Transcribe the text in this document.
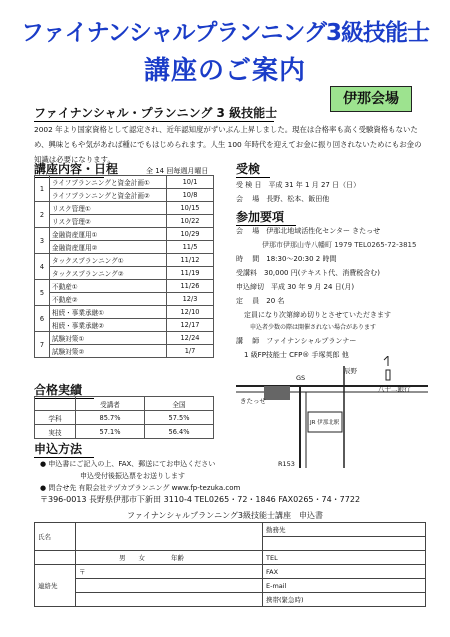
ファイナンシャルプランニング3級技能士
講座のご案内
伊那会場
ファイナンシャル・プランニング 3 級技能士
2002 年より国家資格として認定され、近年認知度がずいぶん上昇しました。現在は合格率も高く受験資格もないため、興味ともや気があれば種にでもはじめられます。人生 100 年時代を迎えてお金に振り回されないためにもお金の知識は必要になります。
講座内容・日程	全 14 回毎週月曜日
1	ライフプランニングと資金計画①	10/1
	ライフプランニングと資金計画②	10/8
2	リスク管理①	10/15
	リスク管理②	10/22
3	金融資産運用①	10/29
	金融資産運用②	11/5
4	タックスプランニング①	11/12
	タックスプランニング②	11/19
5	不動産①	11/26
	不動産②	12/3
6	相続・事業承継①	12/10
	相続・事業承継②	12/17
7	試験対策①	12/24
	試験対策②	1/7
合格実績
	受講者	全国
学科	85.7%	57.5%
実技	57.1%	56.4%
受検
受 検 日　 平成 31 年 1 月 27 日（日）
会　 場　 長野、松本、飯田他
参加要項
会　 場　 伊那北地域活性化センター きたっせ
伊那市伊那山寺八幡町 1979 TEL0265-72-3815
時　 間　 18:30～20:30 2 時間
受講料　 30,000 円(テキスト代、消費税含む)
申込締切　 平成 30 年 9 月 24 日(月)
定　 員　 20 名
定員になり次第締め切りとさせていただきます
申込者少数の際は開催されない場合があります
講　 師　 ファイナンシャルプランナー
1 級FP技能士 CFP® 手塚英郎 他
GS
辰野
きたっせ
八十二銀行
JR 伊那北駅
R153
申込方法
● 申込書にご記入の上、FAX、郵送にてお申込ください
申込受付後振込票をお送りします
● 問合せ先 有限会社テヅカプランニング www.fp-tezuka.com
〒396-0013 長野県伊那市下新田 3110-4 TEL0265・72・1846 FAX0265・74・7722
ファイナンシャルプランニング3級技能士講座　申込書
氏名		勤務先

	男　　 女　　　　 年齢	TEL
連絡先	〒	FAX
		E-mail
		携帯(緊急時)
